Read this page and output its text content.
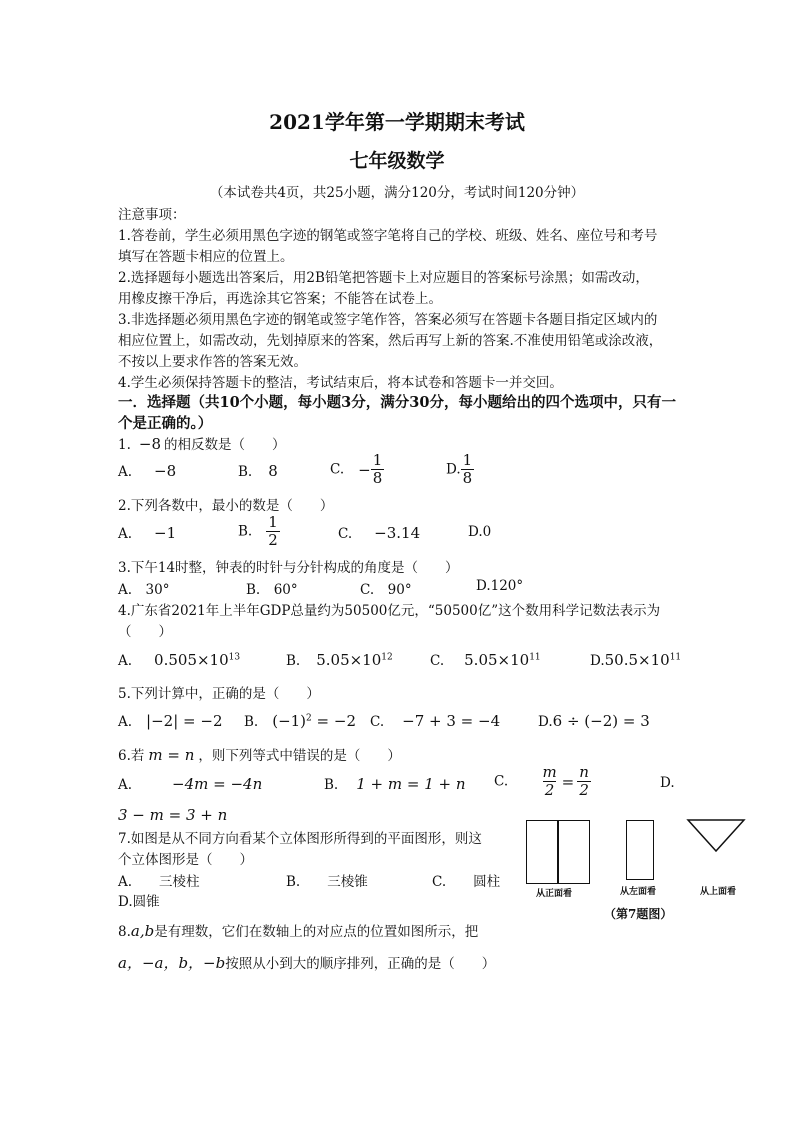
2021学年第一学期期末考试
七年级数学
（本试卷共4页，共25小题，满分120分，考试时间120分钟）
注意事项：
1.答卷前，学生必须用黑色字迹的钢笔或签字笔将自己的学校、班级、姓名、座位号和考号
填写在答题卡相应的位置上。
2.选择题每小题选出答案后，用2B铅笔把答题卡上对应题目的答案标号涂黑；如需改动，
用橡皮擦干净后，再选涂其它答案；不能答在试卷上。
3.非选择题必须用黑色字迹的钢笔或签字笔作答，答案必须写在答题卡各题目指定区域内的
相应位置上，如需改动，先划掉原来的答案，然后再写上新的答案.不准使用铅笔或涂改液，
不按以上要求作答的答案无效。
4.学生必须保持答题卡的整洁，考试结束后，将本试卷和答题卡一并交回。
一．选择题（共10个小题，每小题3分，满分30分，每小题给出的四个选项中，只有一
个是正确的。）
1. −8 的相反数是（　　）
A. −8	B. 8	C. − $\frac{1}{8}$	D. $\frac{1}{8}$
2.下列各数中，最小的数是（　　）
A. −1	B. $\frac{1}{2}$	C. −3.14	D.0
3.下午14时整，钟表的时针与分针构成的角度是（　　）
A.　30°	B.　60°	C.　90°	D.120°
4.广东省2021年上半年GDP总量约为50500亿元，“50500亿”这个数用科学记数法表示为
（　　）
A. $0.505\times 10^{13}$	B. $5.05\times 10^{12}$	C. $5.05\times 10^{11}$	$D.50.5\times 10^{11}$
5.下列计算中，正确的是（　　）
A. |−2| = −2 B. $(-1)^2 = -2$ C. −7 + 3 = −4	D.6 ÷ (−2) = 3
6.若 m = n ，则下列等式中错误的是（　　）
A.	−4m = −4n	B. 1 + m = 1 + n C. $\frac{m}{2} = \frac{n}{2}$	D.
3 − m = 3 + n
7.如图是从不同方向看某个立体图形所得到的平面图形，则这
个立体图形是（　　）
A.　　三棱柱	B.　　三棱锥	C.　　圆柱
D.圆锥	从正面看	从左面看	从上面看
（第7题图）
8.a,b是有理数，它们在数轴上的对应点的位置如图所示，把
a，−a，b，−b按照从小到大的顺序排列，正确的是（　　）
